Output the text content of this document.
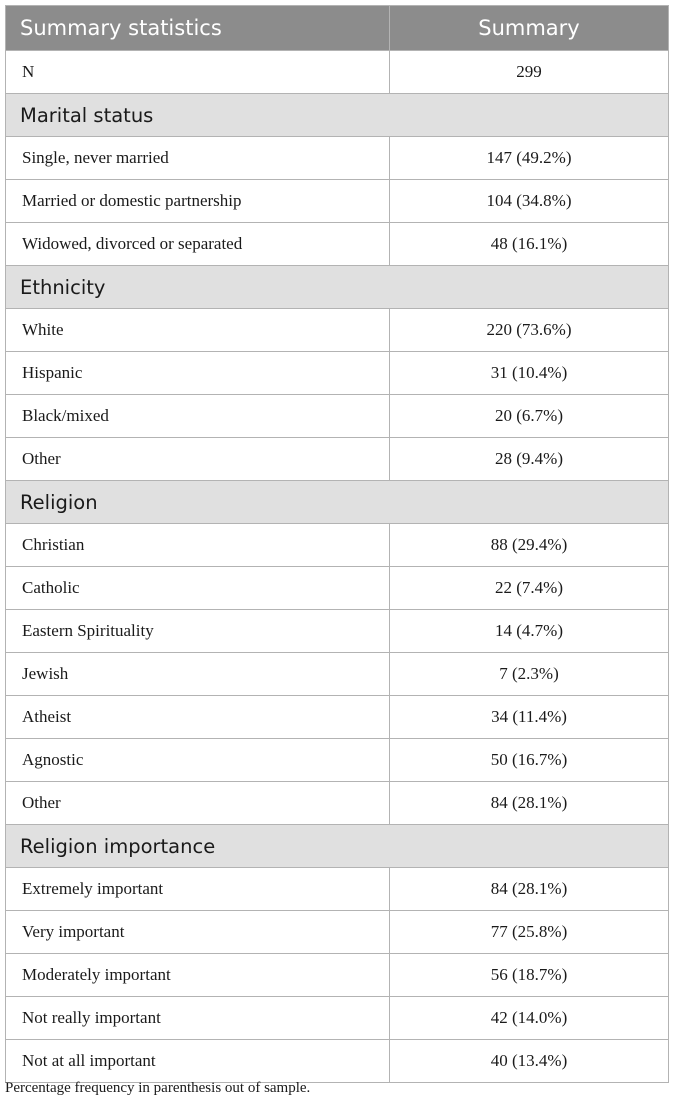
Summary statistics	Summary
N	299
Marital status	
Single, never married	147 (49.2%)
Married or domestic partnership	104 (34.8%)
Widowed, divorced or separated	48 (16.1%)
Ethnicity	
White	220 (73.6%)
Hispanic	31 (10.4%)
Black/mixed	20 (6.7%)
Other	28 (9.4%)
Religion	
Christian	88 (29.4%)
Catholic	22 (7.4%)
Eastern Spirituality	14 (4.7%)
Jewish	7 (2.3%)
Atheist	34 (11.4%)
Agnostic	50 (16.7%)
Other	84 (28.1%)
Religion importance	
Extremely important	84 (28.1%)
Very important	77 (25.8%)
Moderately important	56 (18.7%)
Not really important	42 (14.0%)
Not at all important	40 (13.4%)
Percentage frequency in parenthesis out of sample.
